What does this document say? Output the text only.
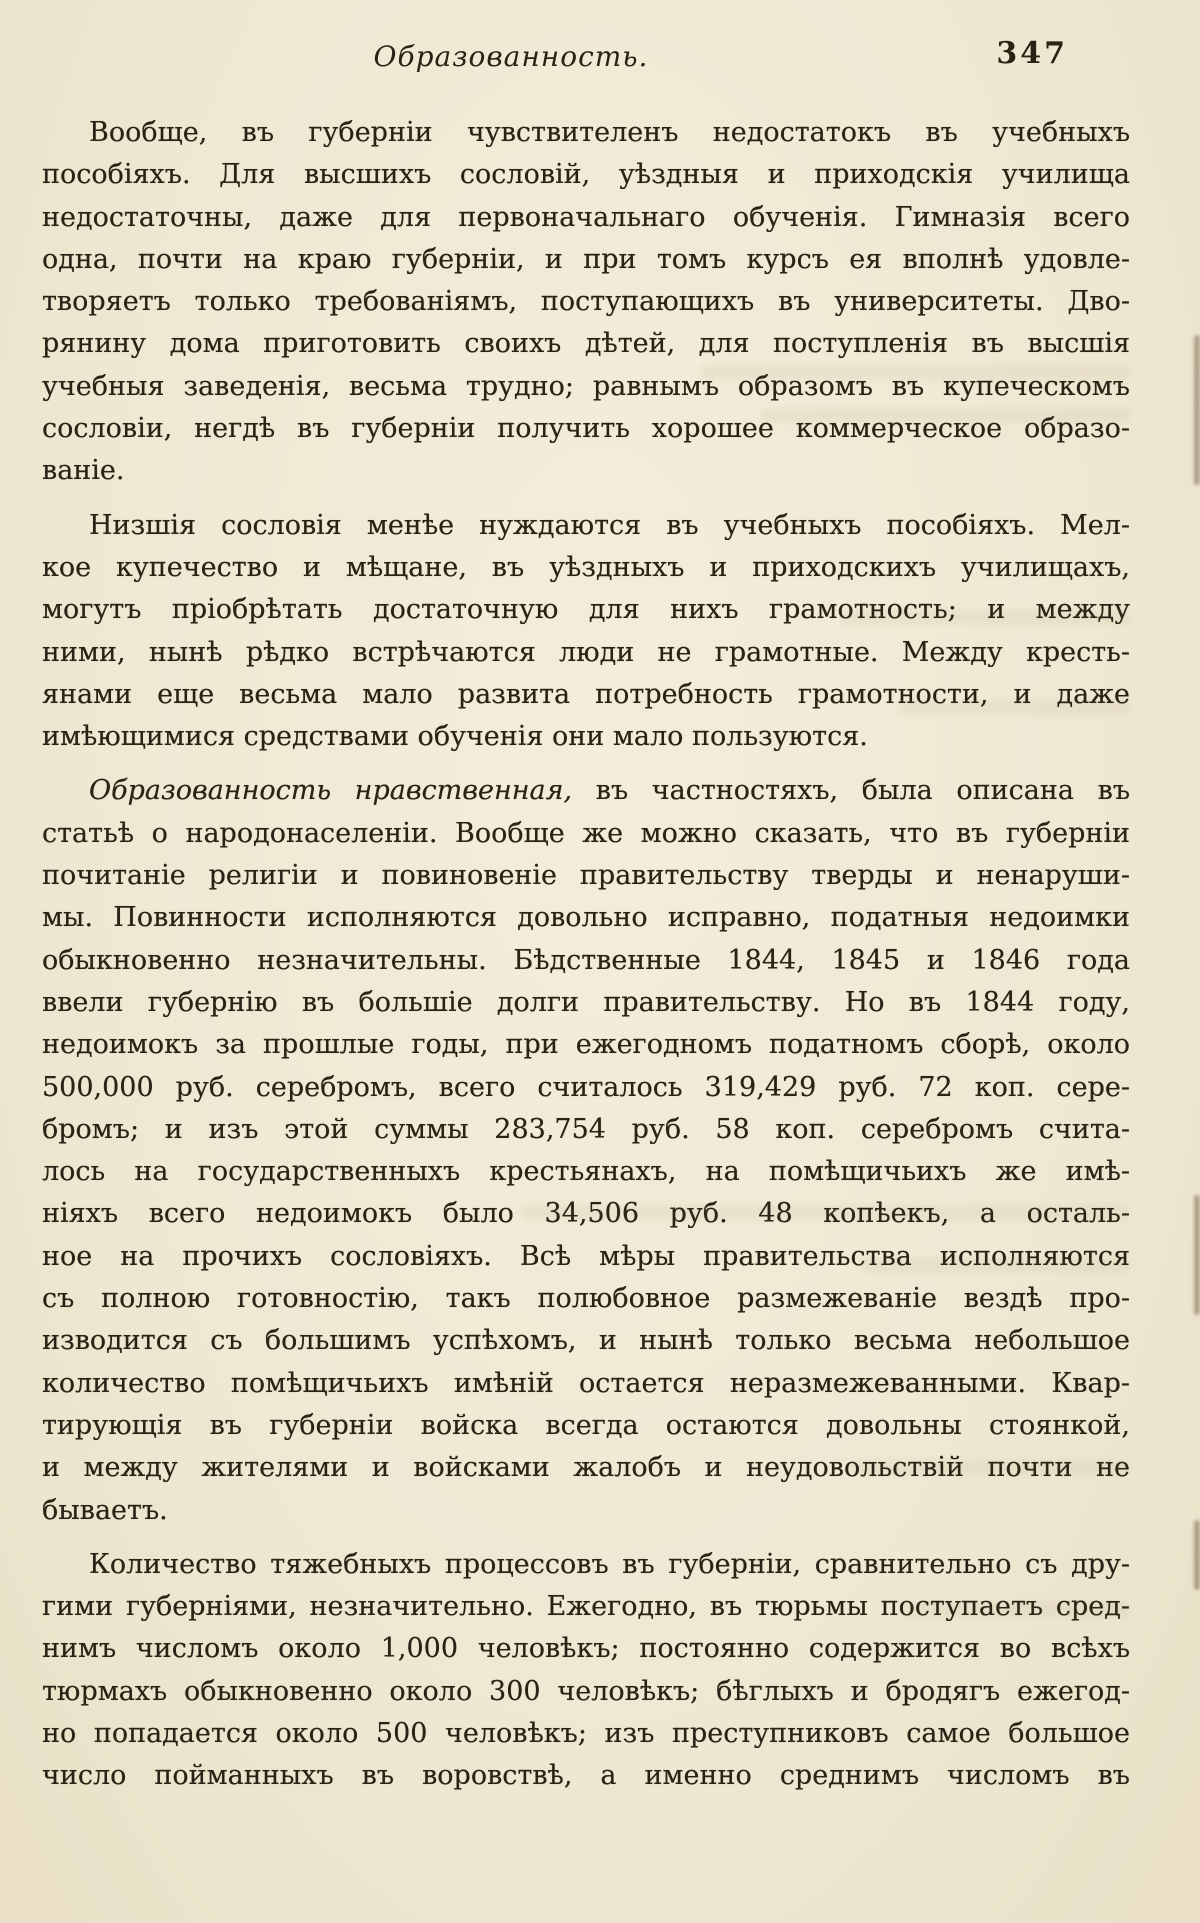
Образованность.	347
Вообще, въ губерніи чувствителенъ недостатокъ въ учебныхъ
пособіяхъ. Для высшихъ сословій, уѣздныя и приходскія училища
недостаточны, даже для первоначальнаго обученія. Гимназія всего
одна, почти на краю губерніи, и при томъ курсъ ея вполнѣ удовле-
творяетъ только требованіямъ, поступающихъ въ университеты. Дво-
рянину дома приготовить своихъ дѣтей, для поступленія въ высшія
учебныя заведенія, весьма трудно; равнымъ образомъ въ купеческомъ
сословіи, негдѣ въ губерніи получить хорошее коммерческое образо-
ваніе.
Низшія сословія менѣе нуждаются въ учебныхъ пособіяхъ. Мел-
кое купечество и мѣщане, въ уѣздныхъ и приходскихъ училищахъ,
могутъ пріобрѣтать достаточную для нихъ грамотность; и между
ними, нынѣ рѣдко встрѣчаются люди не грамотные. Между кресть-
янами еще весьма мало развита потребность грамотности, и даже
имѣющимися средствами обученія они мало пользуются.
Образованность нравственная, въ частностяхъ, была описана въ
статьѣ о народонаселеніи. Вообще же можно сказать, что въ губерніи
почитаніе религіи и повиновеніе правительству тверды и ненаруши-
мы. Повинности исполняются довольно исправно, податныя недоимки
обыкновенно незначительны. Бѣдственные 1844, 1845 и 1846 года
ввели губернію въ большіе долги правительству. Но въ 1844 году,
недоимокъ за прошлые годы, при ежегодномъ податномъ сборѣ, около
500,000 руб. серебромъ, всего считалось 319,429 руб. 72 коп. сере-
бромъ; и изъ этой суммы 283,754 руб. 58 коп. серебромъ счита-
лось на государственныхъ крестьянахъ, на помѣщичьихъ же имѣ-
ніяхъ всего недоимокъ было 34,506 руб. 48 копѣекъ, а осталь-
ное на прочихъ сословіяхъ. Всѣ мѣры правительства исполняются
съ полною готовностію, такъ полюбовное размежеваніе вездѣ про-
изводится съ большимъ успѣхомъ, и нынѣ только весьма небольшое
количество помѣщичьихъ имѣній остается неразмежеванными. Квар-
тирующія въ губерніи войска всегда остаются довольны стоянкой,
и между жителями и войсками жалобъ и неудовольствій почти не
бываетъ.
Количество тяжебныхъ процессовъ въ губерніи, сравнительно съ дру-
гими губерніями, незначительно. Ежегодно, въ тюрьмы поступаетъ сред-
нимъ числомъ около 1,000 человѣкъ; постоянно содержится во всѣхъ
тюрмахъ обыкновенно около 300 человѣкъ; бѣглыхъ и бродягъ ежегод-
но попадается около 500 человѣкъ; изъ преступниковъ самое большое
число пойманныхъ въ воровствѣ, а именно среднимъ числомъ въ
